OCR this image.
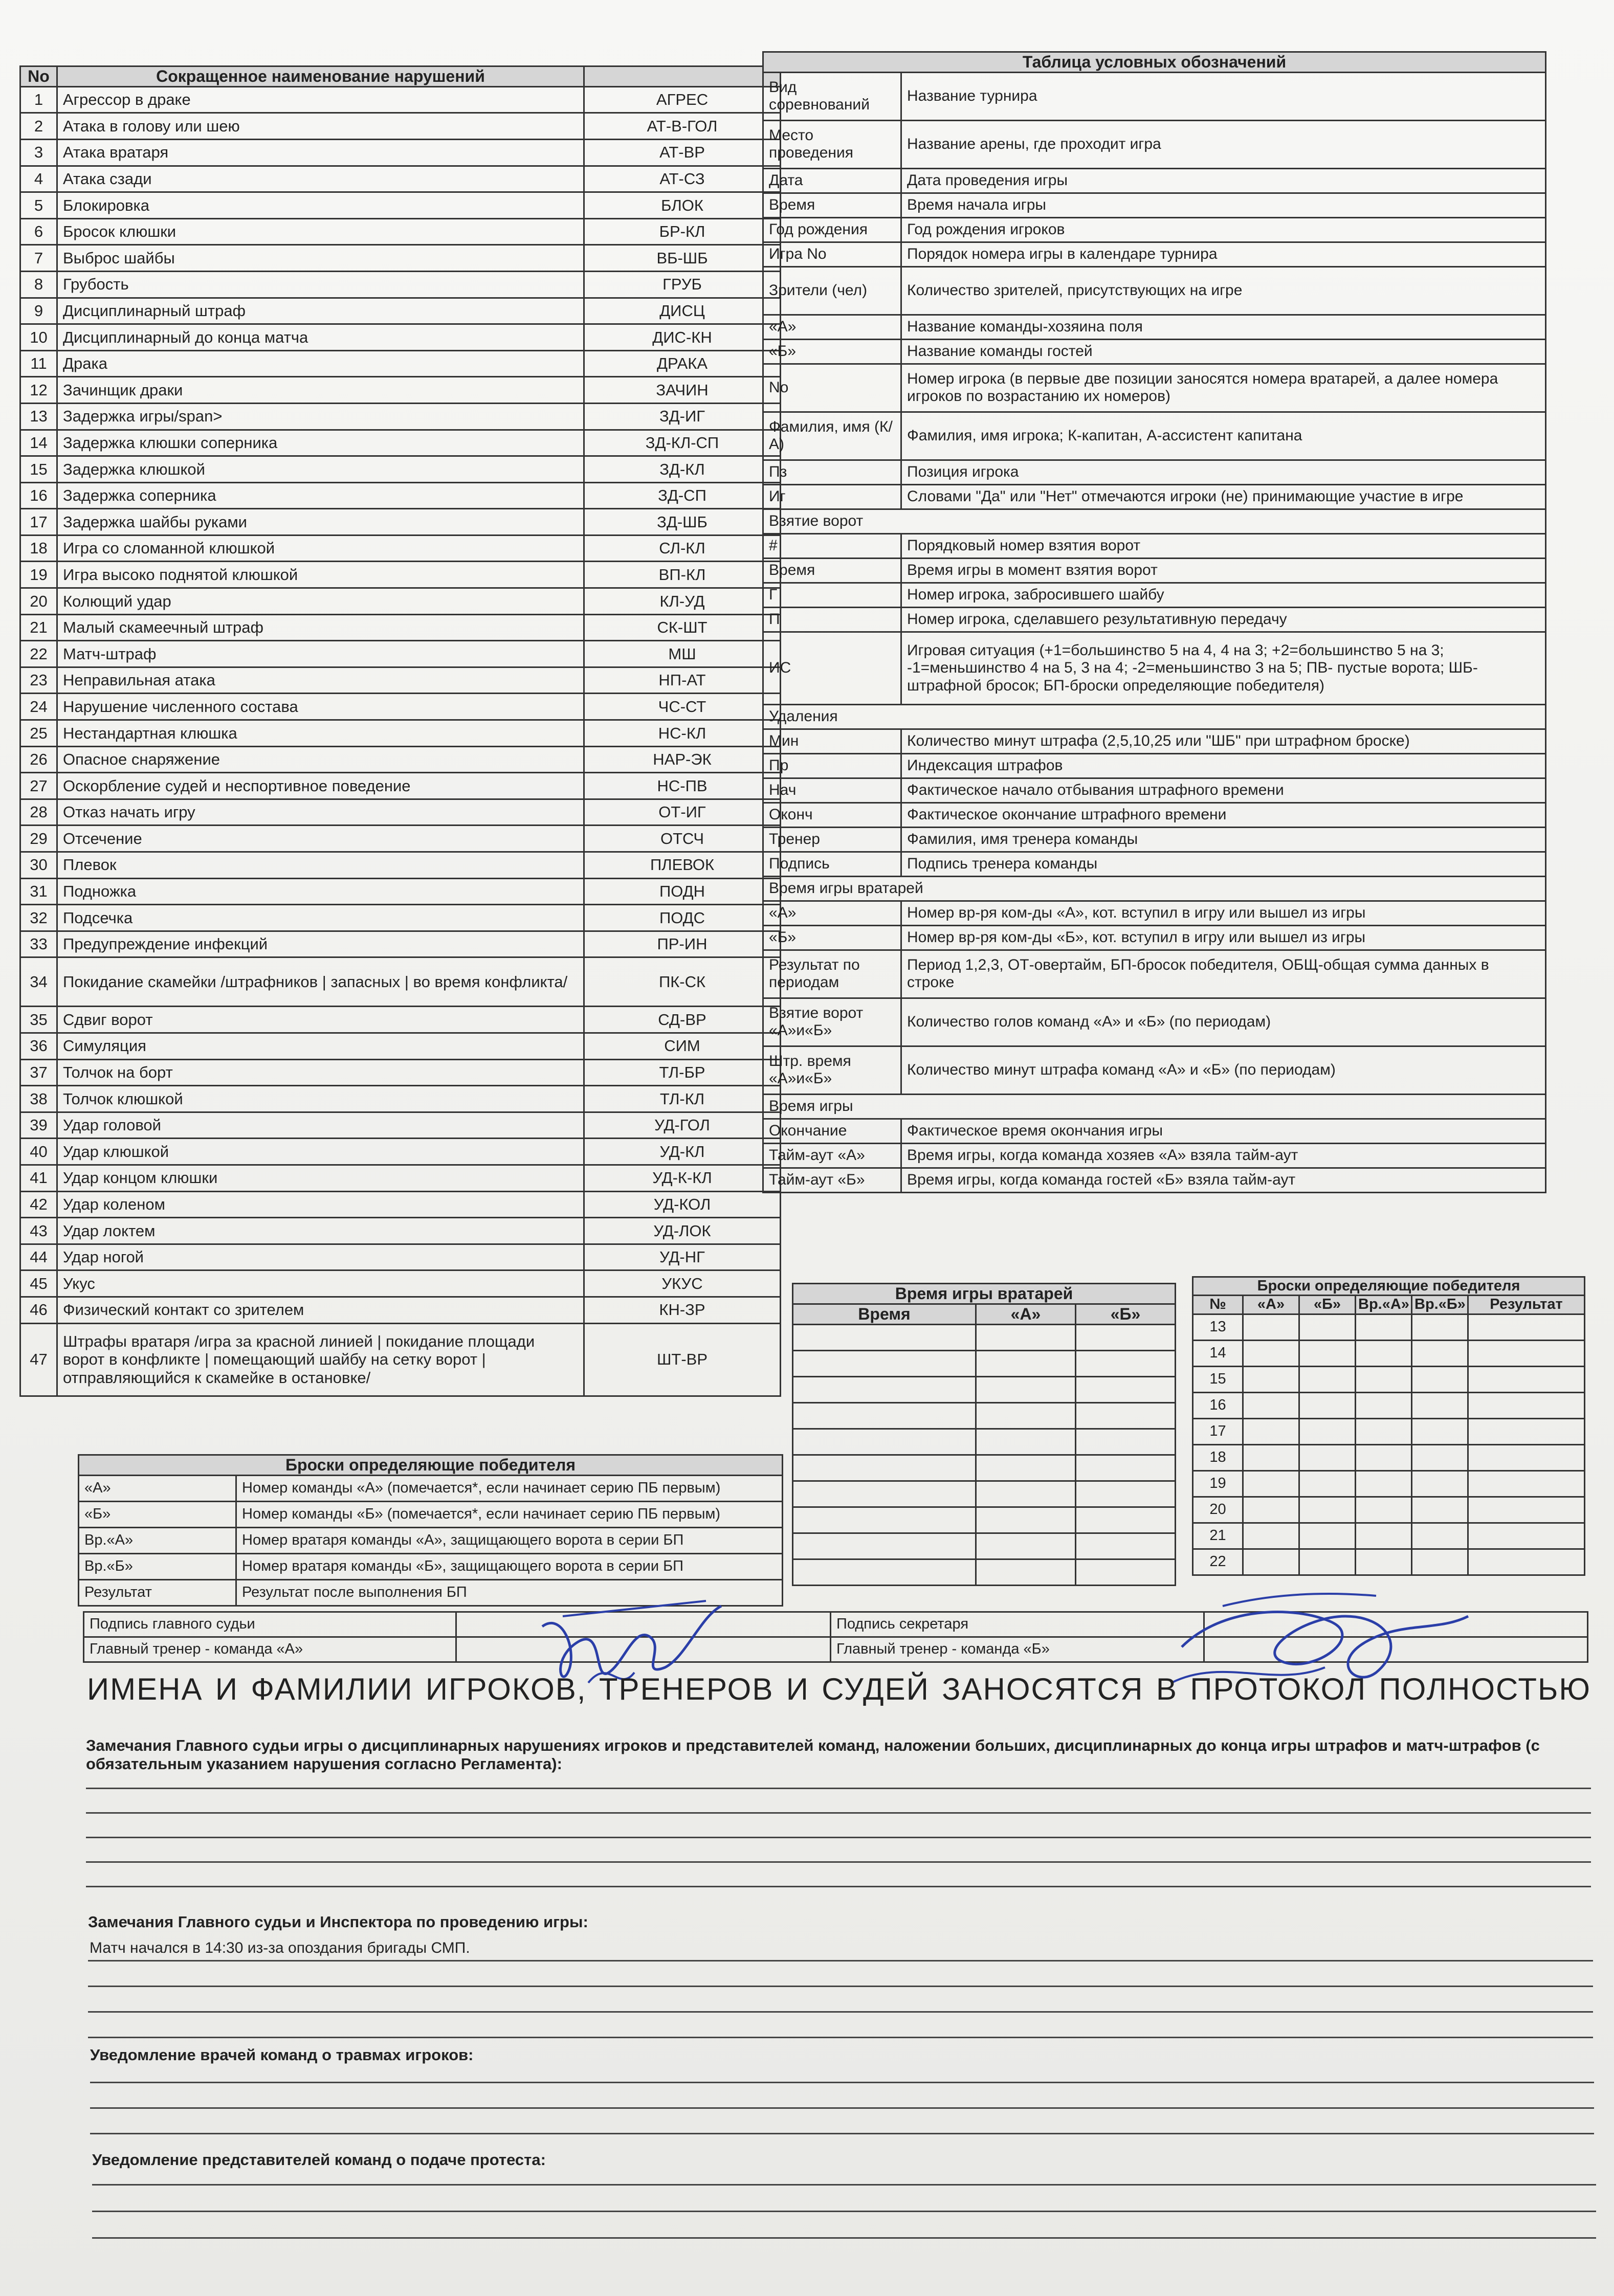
No	Сокращенное наименование нарушений	
1	Агрессор в драке	АГРЕС
2	Атака в голову или шею	АТ-В-ГОЛ
3	Атака вратаря	АТ-ВР
4	Атака сзади	АТ-СЗ
5	Блокировка	БЛОК
6	Бросок клюшки	БР-КЛ
7	Выброс шайбы	ВБ-ШБ
8	Грубость	ГРУБ
9	Дисциплинарный штраф	ДИСЦ
10	Дисциплинарный до конца матча	ДИС-КН
11	Драка	ДРАКА
12	Зачинщик драки	ЗАЧИН
13	Задержка игры/span>	ЗД-ИГ
14	Задержка клюшки соперника	ЗД-КЛ-СП
15	Задержка клюшкой	ЗД-КЛ
16	Задержка соперника	ЗД-СП
17	Задержка шайбы руками	ЗД-ШБ
18	Игра со сломанной клюшкой	СЛ-КЛ
19	Игра высоко поднятой клюшкой	ВП-КЛ
20	Колющий удар	КЛ-УД
21	Малый скамеечный штраф	СК-ШТ
22	Матч-штраф	МШ
23	Неправильная атака	НП-АТ
24	Нарушение численного состава	ЧС-СТ
25	Нестандартная клюшка	НС-КЛ
26	Опасное снаряжение	НАР-ЭК
27	Оскорбление судей и неспортивное поведение	НС-ПВ
28	Отказ начать игру	ОТ-ИГ
29	Отсечение	ОТСЧ
30	Плевок	ПЛЕВОК
31	Подножка	ПОДН
32	Подсечка	ПОДС
33	Предупреждение инфекций	ПР-ИН
34	Покидание скамейки /штрафников | запасных | во время конфликта/	ПК-СК
35	Сдвиг ворот	СД-ВР
36	Симуляция	СИМ
37	Толчок на борт	ТЛ-БР
38	Толчок клюшкой	ТЛ-КЛ
39	Удар головой	УД-ГОЛ
40	Удар клюшкой	УД-КЛ
41	Удар концом клюшки	УД-К-КЛ
42	Удар коленом	УД-КОЛ
43	Удар локтем	УД-ЛОК
44	Удар ногой	УД-НГ
45	Укус	УКУС
46	Физический контакт со зрителем	КН-ЗР
47	Штрафы вратаря /игра за красной линией | покидание площади ворот в конфликте | помещающий шайбу на сетку ворот |отправляющийся к скамейке в остановке/	ШТ-ВР
Таблица условных обозначений	
Вид соревнований	Название турнира
Место проведения	Название арены, где проходит игра
Дата	Дата проведения игры
Время	Время начала игры
Год рождения	Год рождения игроков
Игра No	Порядок номера игры в календаре турнира
Зрители (чел)	Количество зрителей, присутствующих на игре
«А»	Название команды-хозяина поля
«Б»	Название команды гостей
No	Номер игрока (в первые две позиции заносятся номера вратарей, а далее номера игроков по возрастанию их номеров)
Фамилия, имя (К/А)	Фамилия, имя игрока; К-капитан, А-ассистент капитана
Пз	Позиция игрока
Иг	Словами "Да" или "Нет" отмечаются игроки (не) принимающие участие в игре
Взятие ворот	
#	Порядковый номер взятия ворот
Время	Время игры в момент взятия ворот
Г	Номер игрока, забросившего шайбу
П	Номер игрока, сделавшего результативную передачу
ИС	Игровая ситуация (+1=большинство 5 на 4, 4 на 3; +2=большинство 5 на 3; -1=меньшинство 4 на 5, 3 на 4; -2=меньшинство 3 на 5; ПВ- пустые ворота; ШБ-штрафной бросок; БП-броски определяющие победителя)
Удаления	
Мин	Количество минут штрафа (2,5,10,25 или "ШБ" при штрафном броске)
Пр	Индексация штрафов
Нач	Фактическое начало отбывания штрафного времени
Оконч	Фактическое окончание штрафного времени
Тренер	Фамилия, имя тренера команды
Подпись	Подпись тренера команды
Время игры вратарей	
«А»	Номер вр-ря ком-ды «А», кот. вступил в игру или вышел из игры
«Б»	Номер вр-ря ком-ды «Б», кот. вступил в игру или вышел из игры
Результат по периодам	Период 1,2,3, ОТ-овертайм, БП-бросок победителя, ОБЩ-общая сумма данных в строке
Взятие ворот «А»и«Б»	Количество голов команд «А» и «Б» (по периодам)
Штр. время «А»и«Б»	Количество минут штрафа команд «А» и «Б» (по периодам)
Время игры	
Окончание	Фактическое время окончания игры
Тайм-аут «А»	Время игры, когда команда хозяев «А» взяла тайм-аут
Тайм-аут «Б»	Время игры, когда команда гостей «Б» взяла тайм-аут
Время игры вратарей		
Время	«А»	«Б»

Броски определяющие победителя					
№	«А»	«Б»	Вр.«А»	Вр.«Б»	Результат
13					
14					
15					
16					
17					
18					
19					
20					
21					
22					
Броски определяющие победителя	
«А»	Номер команды «А» (помечается*, если начинает серию ПБ первым)
«Б»	Номер команды «Б» (помечается*, если начинает серию ПБ первым)
Вр.«А»	Номер вратаря команды «А», защищающего ворота в серии БП
Вр.«Б»	Номер вратаря команды «Б», защищающего ворота в серии БП
Результат	Результат после выполнения БП
Подпись главного судьи		Подпись секретаря	
Главный тренер - команда «А»		Главный тренер - команда «Б»	
ИМЕНА И ФАМИЛИИ ИГРОКОВ, ТРЕНЕРОВ И СУДЕЙ ЗАНОСЯТСЯ В ПРОТОКОЛ ПОЛНОСТЬЮ
Замечания Главного судьи игры о дисциплинарных нарушениях игроков и представителей команд, наложении больших, дисциплинарных до конца игры штрафов и матч-штрафов (с обязательным указанием нарушения согласно Регламента):
Замечания Главного судьи и Инспектора по проведению игры:
Матч начался в 14:30 из-за опоздания бригады СМП.
Уведомление врачей команд о травмах игроков:
Уведомление представителей команд о подаче протеста:
